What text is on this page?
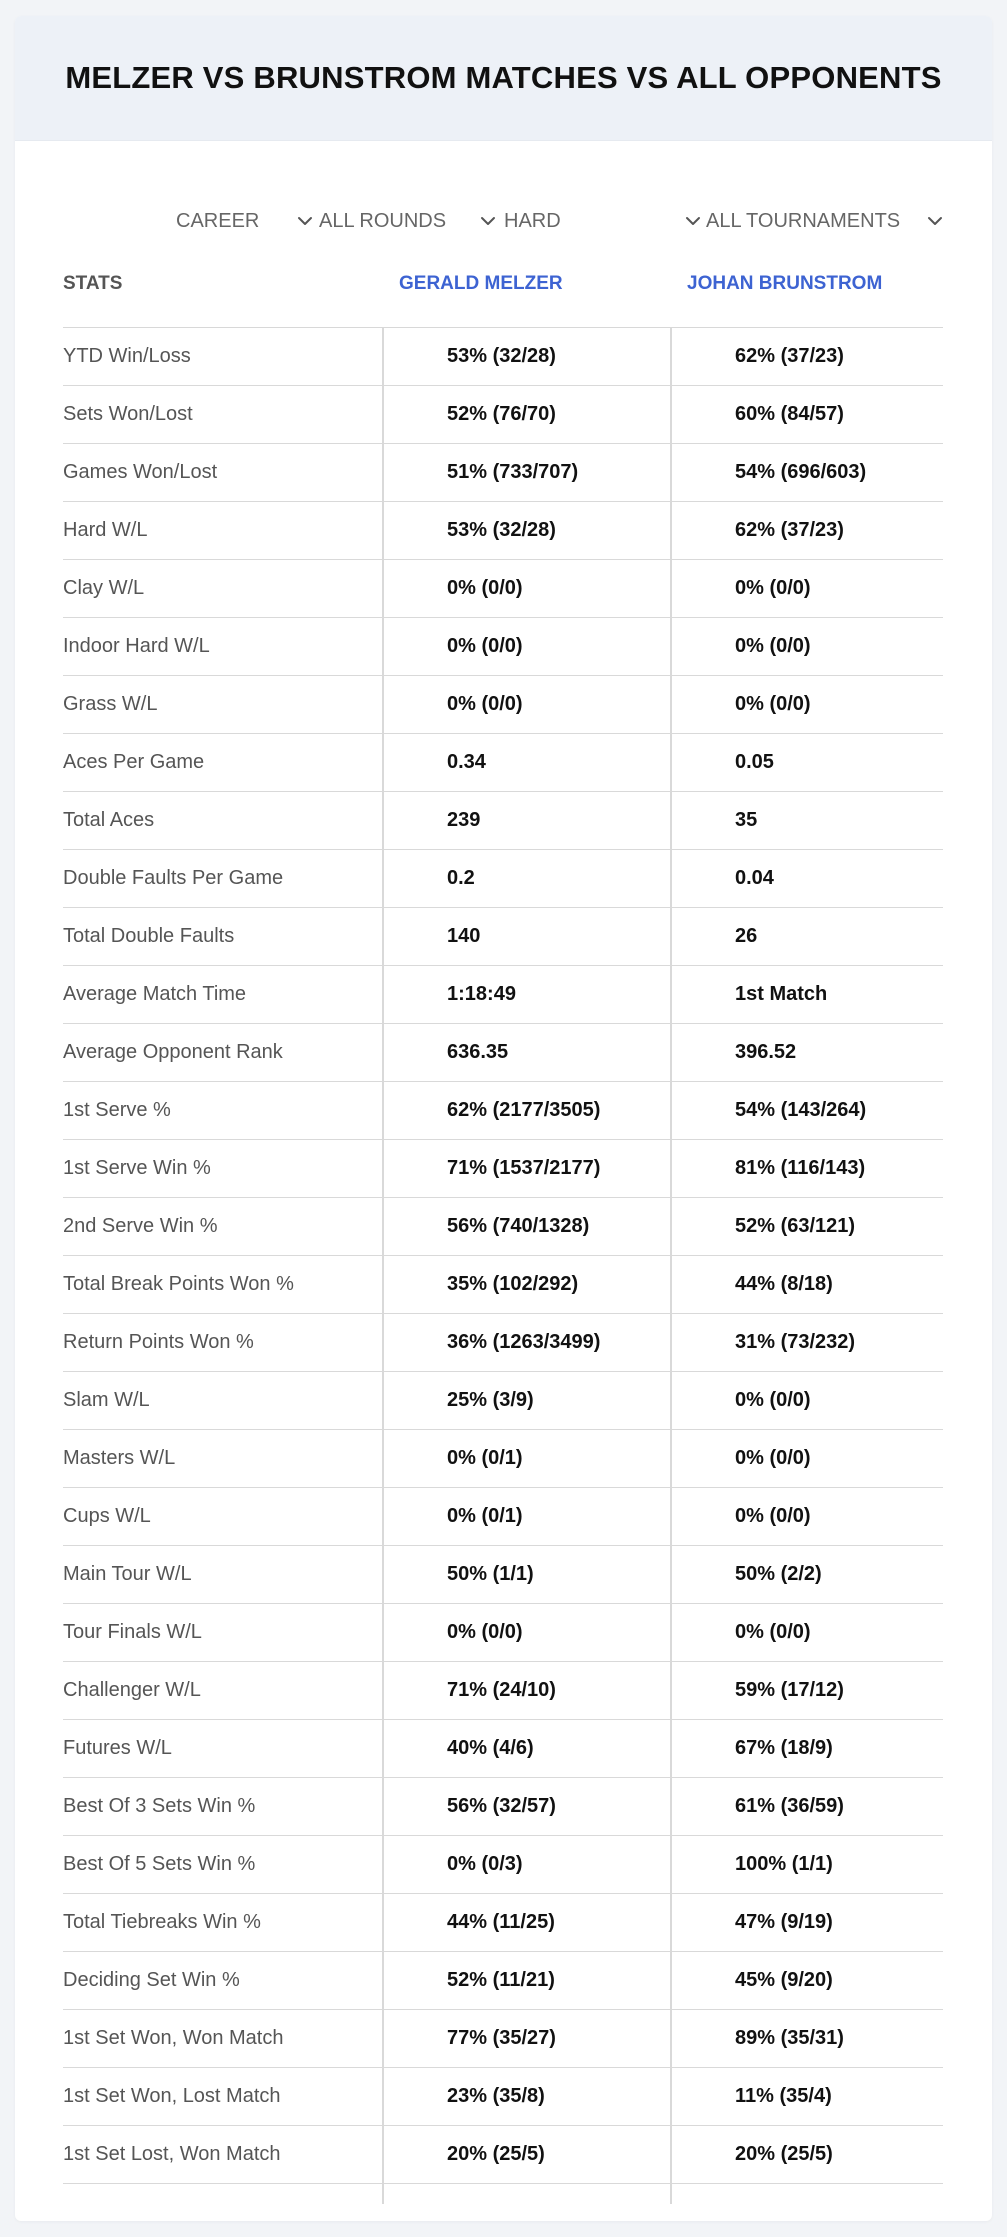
MELZER VS BRUNSTROM MATCHES VS ALL OPPONENTS
CAREER	ALL ROUNDS	HARD	ALL TOURNAMENTS
STATS	GERALD MELZER	JOHAN BRUNSTROM
YTD Win/Loss	53% (32/28)	62% (37/23)
Sets Won/Lost	52% (76/70)	60% (84/57)
Games Won/Lost	51% (733/707)	54% (696/603)
Hard W/L	53% (32/28)	62% (37/23)
Clay W/L	0% (0/0)	0% (0/0)
Indoor Hard W/L	0% (0/0)	0% (0/0)
Grass W/L	0% (0/0)	0% (0/0)
Aces Per Game	0.34	0.05
Total Aces	239	35
Double Faults Per Game	0.2	0.04
Total Double Faults	140	26
Average Match Time	1:18:49	1st Match
Average Opponent Rank	636.35	396.52
1st Serve %	62% (2177/3505)	54% (143/264)
1st Serve Win %	71% (1537/2177)	81% (116/143)
2nd Serve Win %	56% (740/1328)	52% (63/121)
Total Break Points Won %	35% (102/292)	44% (8/18)
Return Points Won %	36% (1263/3499)	31% (73/232)
Slam W/L	25% (3/9)	0% (0/0)
Masters W/L	0% (0/1)	0% (0/0)
Cups W/L	0% (0/1)	0% (0/0)
Main Tour W/L	50% (1/1)	50% (2/2)
Tour Finals W/L	0% (0/0)	0% (0/0)
Challenger W/L	71% (24/10)	59% (17/12)
Futures W/L	40% (4/6)	67% (18/9)
Best Of 3 Sets Win %	56% (32/57)	61% (36/59)
Best Of 5 Sets Win %	0% (0/3)	100% (1/1)
Total Tiebreaks Win %	44% (11/25)	47% (9/19)
Deciding Set Win %	52% (11/21)	45% (9/20)
1st Set Won, Won Match	77% (35/27)	89% (35/31)
1st Set Won, Lost Match	23% (35/8)	11% (35/4)
1st Set Lost, Won Match	20% (25/5)	20% (25/5)
